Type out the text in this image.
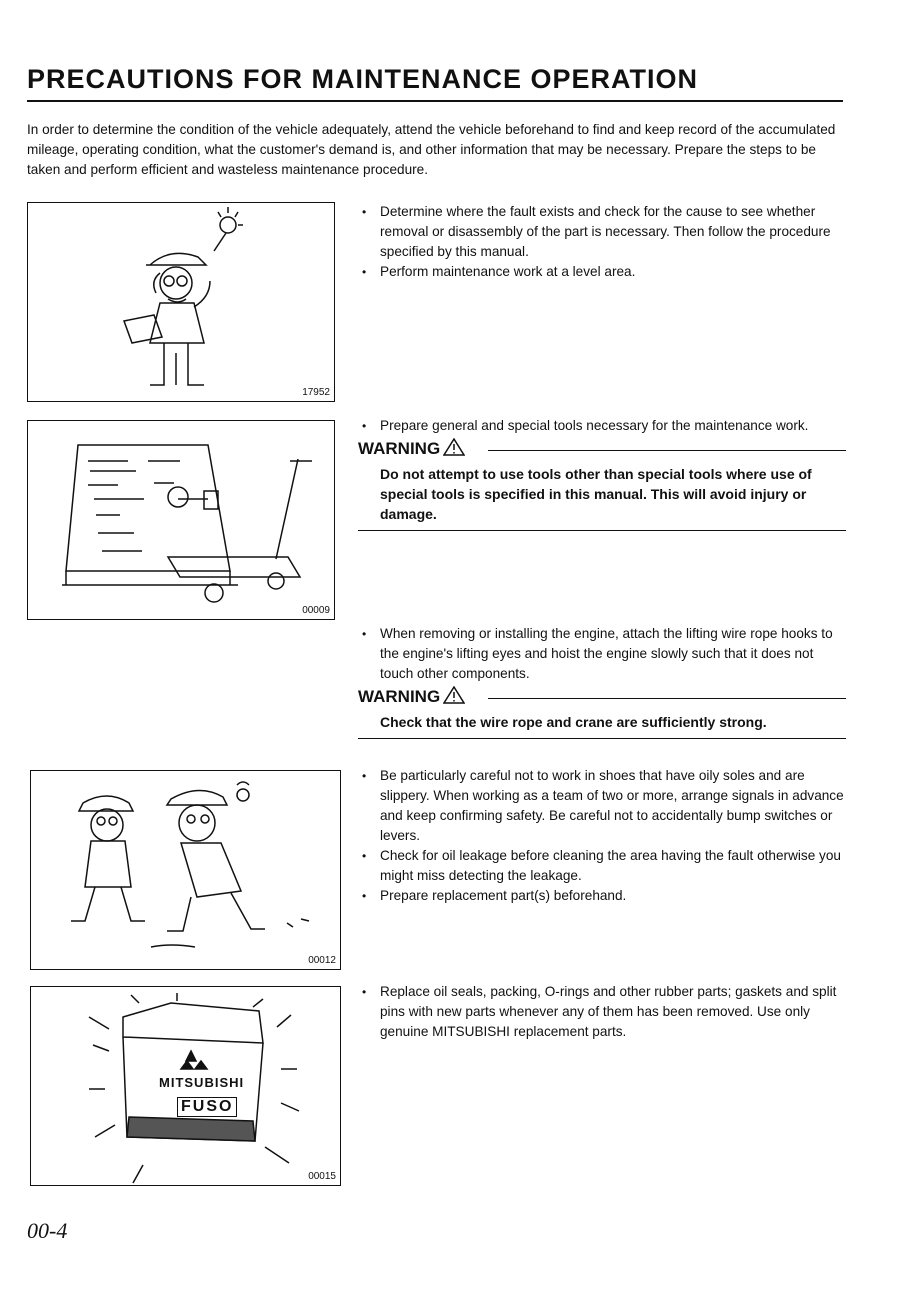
PRECAUTIONS FOR MAINTENANCE OPERATION

In order to determine the condition of the vehicle adequately, attend the vehicle beforehand to find and keep record of the accumulated mileage, operating condition, what the customer's demand is, and other information that may be necessary. Prepare the steps to be taken and perform efficient and wasteless maintenance procedure.

17952
• Determine where the fault exists and check for the cause to see whether removal or disassembly of the part is necessary. Then follow the procedure specified by this manual.
• Perform maintenance work at a level area.
00009
• Prepare general and special tools necessary for the maintenance work.
WARNING
Do not attempt to use tools other than special tools where use of special tools is specified in this manual. This will avoid injury or damage.
• When removing or installing the engine, attach the lifting wire rope hooks to the engine's lifting eyes and hoist the engine slowly such that it does not touch other components.
WARNING
Check that the wire rope and crane are sufficiently strong.
00012
• Be particularly careful not to work in shoes that have oily soles and are slippery. When working as a team of two or more, arrange signals in advance and keep confirming safety. Be careful not to accidentally bump switches or levers.
• Check for oil leakage before cleaning the area having the fault otherwise you might miss detecting the leakage.
• Prepare replacement part(s) beforehand.
MITSUBISHI
FUSO
00015
• Replace oil seals, packing, O-rings and other rubber parts; gaskets and split pins with new parts whenever any of them has been removed. Use only genuine MITSUBISHI replacement parts.
00-4
